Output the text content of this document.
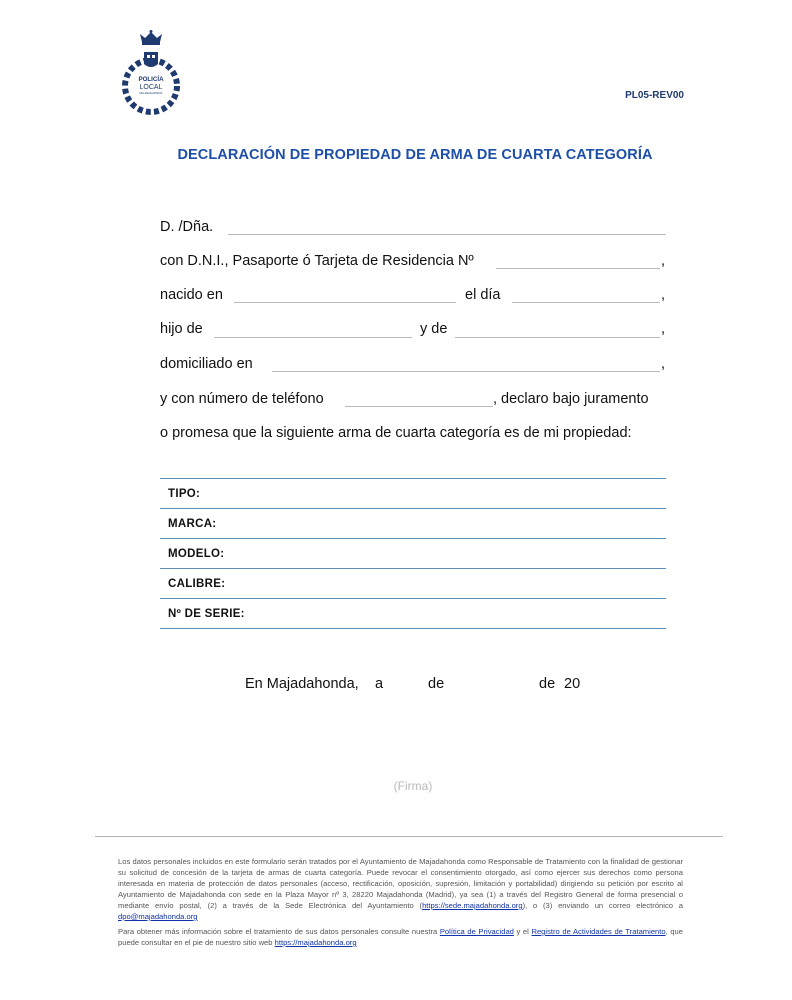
POLICÍA
LOCAL
MAJADAHONDA	PL05-REV00
DECLARACIÓN DE PROPIEDAD DE ARMA DE CUARTA CATEGORÍA
D. /Dña.
con D.N.I., Pasaporte ó Tarjeta de Residencia Nº	,
nacido en	el día	,
hijo de	y de	,
domiciliado en	,
y con número de teléfono	, declaro bajo juramento
o promesa que la siguiente arma de cuarta categoría es de mi propiedad:
TIPO:
MARCA:
MODELO:
CALIBRE:
Nº DE SERIE:
En Majadahonda, a	de	de 20
(Firma)
Los datos personales incluidos en este formulario serán tratados por el Ayuntamiento de Majadahonda como Responsable de Tratamiento con la finalidad de gestionar su solicitud de concesión de la tarjeta de armas de cuarta categoría. Puede revocar el consentimiento otorgado, así como ejercer sus derechos como persona interesada en materia de protección de datos personales (acceso, rectificación, oposición, supresión, limitación y portabilidad) dirigiendo su petición por escrito al Ayuntamiento de Majadahonda con sede en la Plaza Mayor nº 3, 28220 Majadahonda (Madrid), ya sea (1) a través del Registro General de forma presencial o mediante envío postal, (2) a través de la Sede Electrónica del Ayuntamiento (https://sede.majadahonda.org), o (3) enviando un correo electrónico a dpo@majadahonda.org
Para obtener más información sobre el tratamiento de sus datos personales consulte nuestra Política de Privacidad y el Registro de Actividades de Tratamiento, que puede consultar en el pie de nuestro sitio web https://majadahonda.org
